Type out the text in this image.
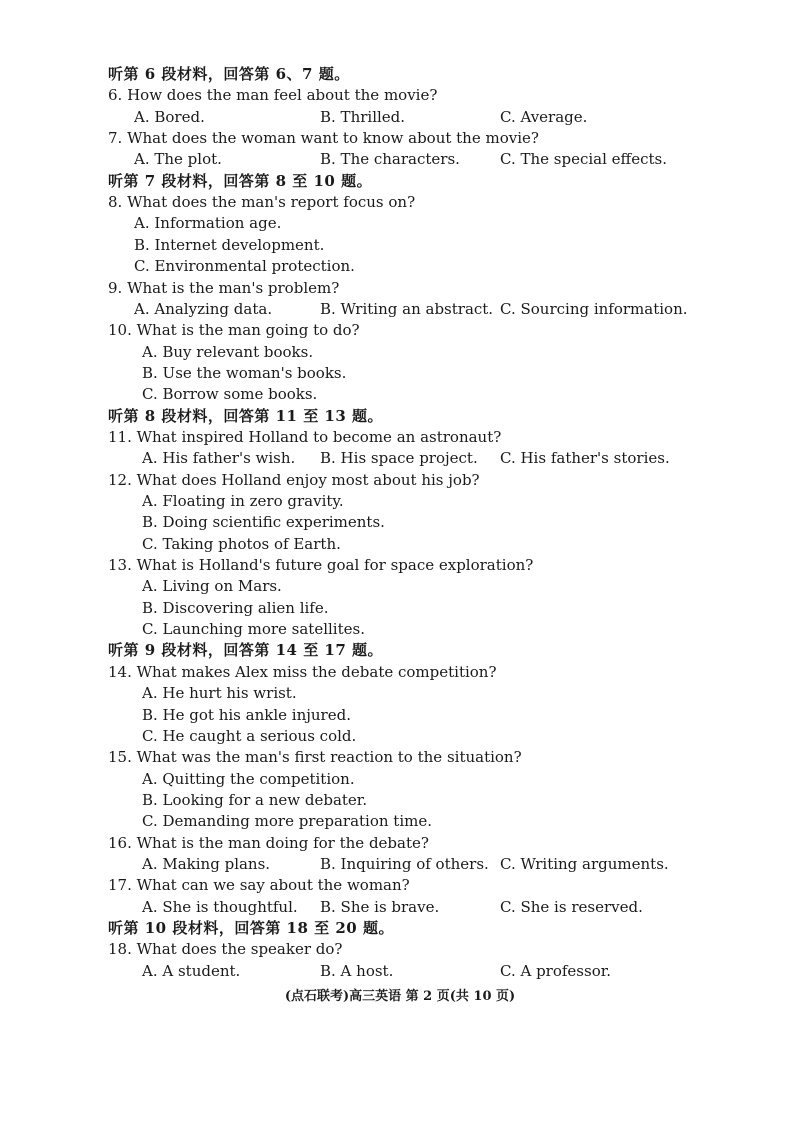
听第 6 段材料，回答第 6、7 题。
6. How does the man feel about the movie?
A. Bored.	B. Thrilled.	C. Average.
7. What does the woman want to know about the movie?
A. The plot.	B. The characters.	C. The special effects.
听第 7 段材料，回答第 8 至 10 题。
8. What does the man's report focus on?
A. Information age.
B. Internet development.
C. Environmental protection.
9. What is the man's problem?
A. Analyzing data.	B. Writing an abstract. C. Sourcing information.
10. What is the man going to do?
A. Buy relevant books.
B. Use the woman's books.
C. Borrow some books.
听第 8 段材料，回答第 11 至 13 题。
11. What inspired Holland to become an astronaut?
A. His father's wish. B. His space project. C. His father's stories.
12. What does Holland enjoy most about his job?
A. Floating in zero gravity.
B. Doing scientific experiments.
C. Taking photos of Earth.
13. What is Holland's future goal for space exploration?
A. Living on Mars.
B. Discovering alien life.
C. Launching more satellites.
听第 9 段材料，回答第 14 至 17 题。
14. What makes Alex miss the debate competition?
A. He hurt his wrist.
B. He got his ankle injured.
C. He caught a serious cold.
15. What was the man's first reaction to the situation?
A. Quitting the competition.
B. Looking for a new debater.
C. Demanding more preparation time.
16. What is the man doing for the debate?
A. Making plans.	B. Inquiring of others. C. Writing arguments.
17. What can we say about the woman?
A. She is thoughtful. B. She is brave.	C. She is reserved.
听第 10 段材料，回答第 18 至 20 题。
18. What does the speaker do?
A. A student.	B. A host.	C. A professor.
(点石联考)高三英语 第 2 页(共 10 页)
